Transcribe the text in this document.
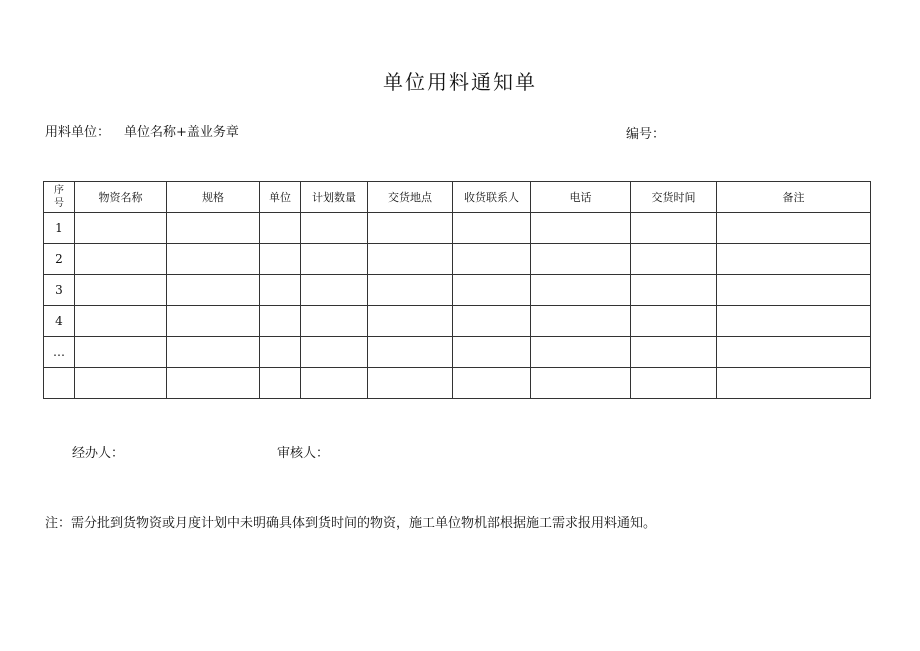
单位用料通知单
用料单位： 单位名称+盖业务章	编号：
序
号	物资名称	规格	单位	计划数量	交货地点	收货联系人	电话	交货时间	备注
1									
2									
3									
4									
…									

经办人：	审核人：
注：需分批到货物资或月度计划中未明确具体到货时间的物资，施工单位物机部根据施工需求报用料通知。
